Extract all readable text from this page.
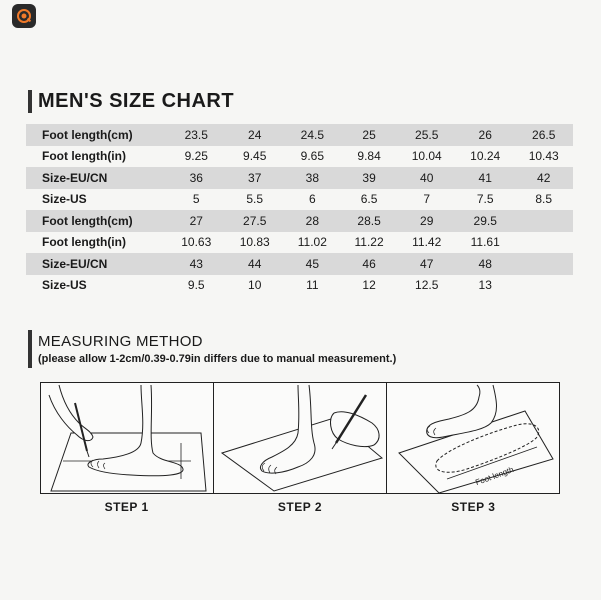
MEN'S SIZE CHART
Foot length(cm)	23.5	24	24.5	25	25.5	26	26.5
Foot length(in)	9.25	9.45	9.65	9.84	10.04	10.24	10.43
Size-EU/CN	36	37	38	39	40	41	42
Size-US	5	5.5	6	6.5	7	7.5	8.5
Foot length(cm)	27	27.5	28	28.5	29	29.5	
Foot length(in)	10.63	10.83	11.02	11.22	11.42	11.61	
Size-EU/CN	43	44	45	46	47	48	
Size-US	9.5	10	11	12	12.5	13	
MEASURING METHOD
(please allow 1-2cm/0.39-0.79in differs due to manual measurement.)
Foot length
STEP 1	STEP 2	STEP 3
